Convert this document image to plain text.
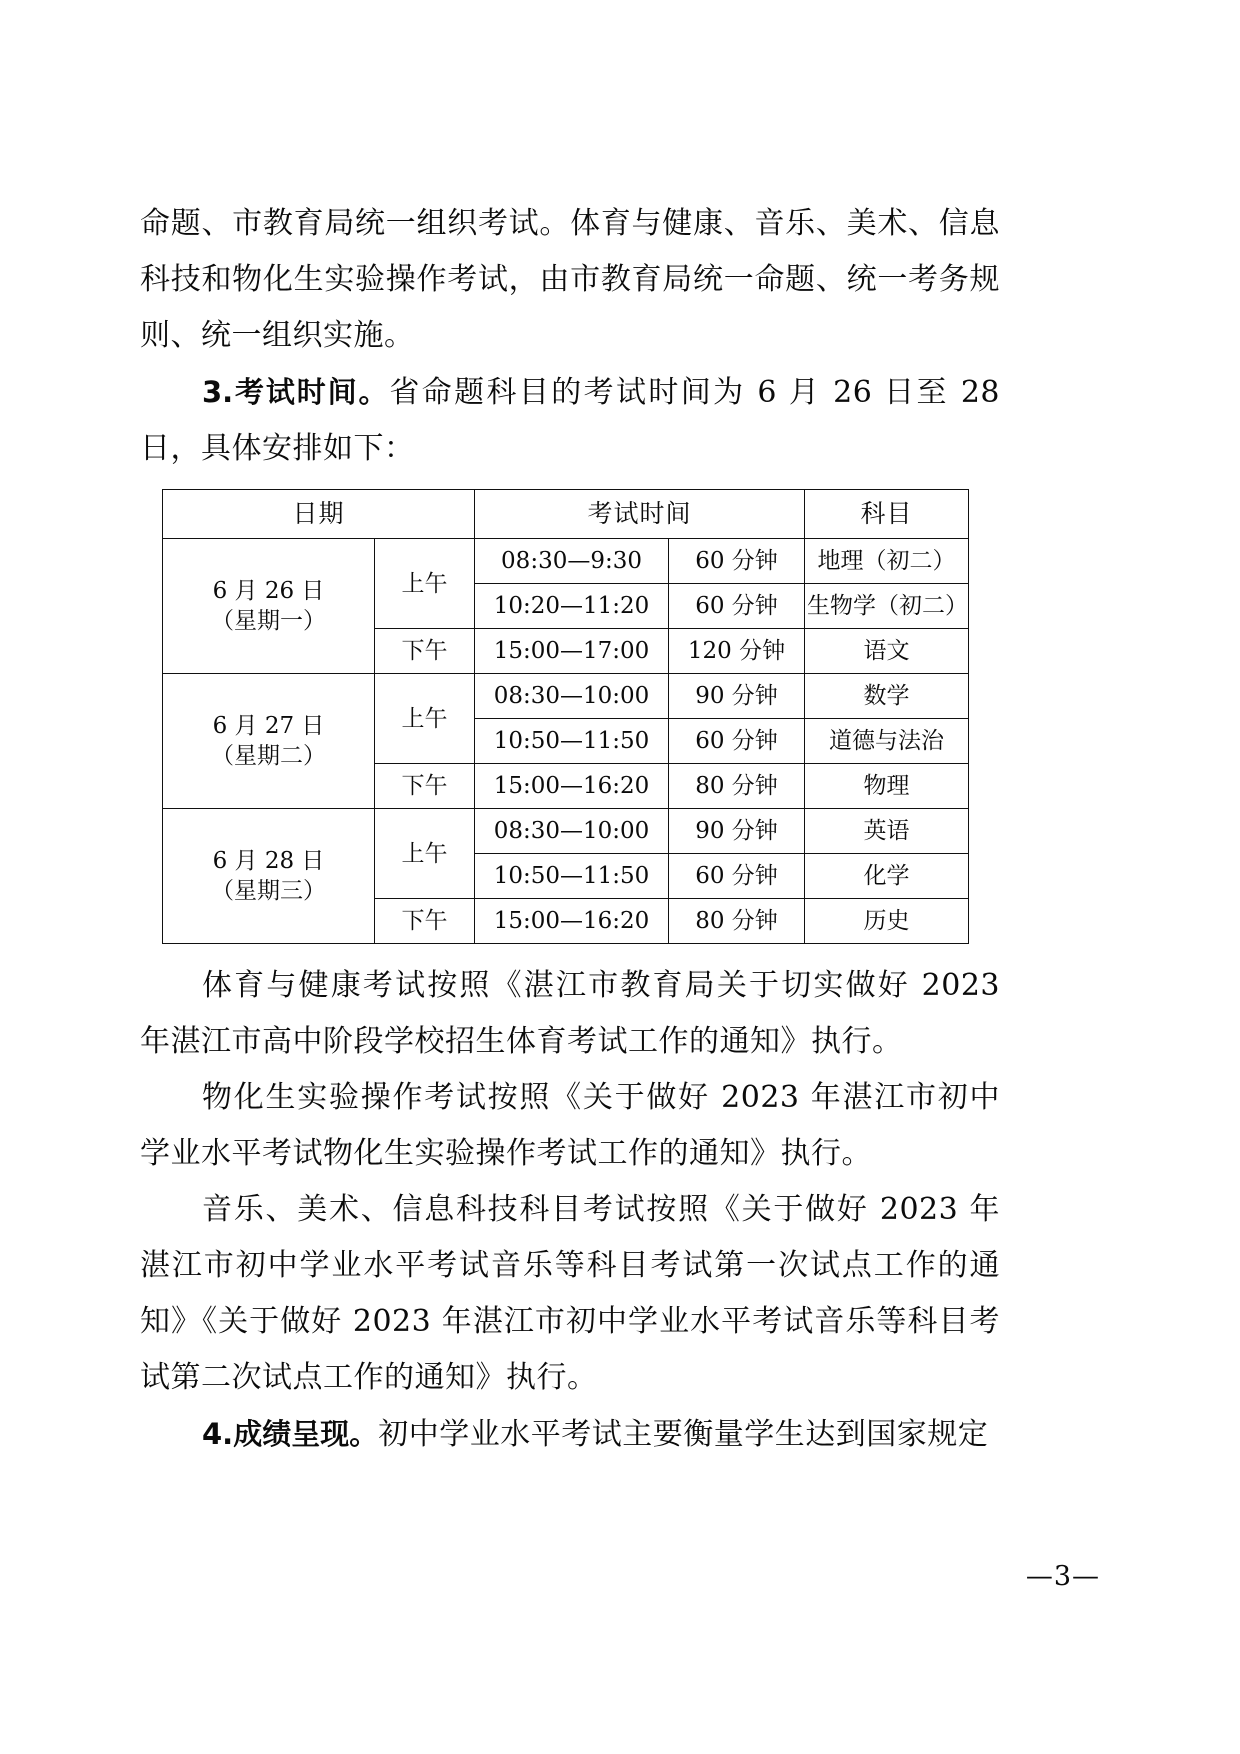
命题、市教育局统一组织考试。体育与健康、音乐、美术、信息科技和物化生实验操作考试，由市教育局统一命题、统一考务规则、统一组织实施。

3.考试时间。省命题科目的考试时间为 6 月 26 日至 28 日，具体安排如下：

日期		考试时间		科目

6 月 26 日
（星期一）	上午	08:30—9:30	60 分钟	地理（初二）
		10:20—11:20	60 分钟	生物学（初二）
	下午	15:00—17:00	120 分钟	语文

6 月 27 日
（星期二）	上午	08:30—10:00	90 分钟	数学
		10:50—11:50	60 分钟	道德与法治
	下午	15:00—16:20	80 分钟	物理

6 月 28 日
（星期三）	上午	08:30—10:00	90 分钟	英语
		10:50—11:50	60 分钟	化学
	下午	15:00—16:20	80 分钟	历史

体育与健康考试按照《湛江市教育局关于切实做好 2023 年湛江市高中阶段学校招生体育考试工作的通知》执行。

物化生实验操作考试按照《关于做好 2023 年湛江市初中学业水平考试物化生实验操作考试工作的通知》执行。

音乐、美术、信息科技科目考试按照《关于做好 2023 年湛江市初中学业水平考试音乐等科目考试第一次试点工作的通知》《关于做好 2023 年湛江市初中学业水平考试音乐等科目考试第二次试点工作的通知》执行。

4.成绩呈现。初中学业水平考试主要衡量学生达到国家规定

—3—
